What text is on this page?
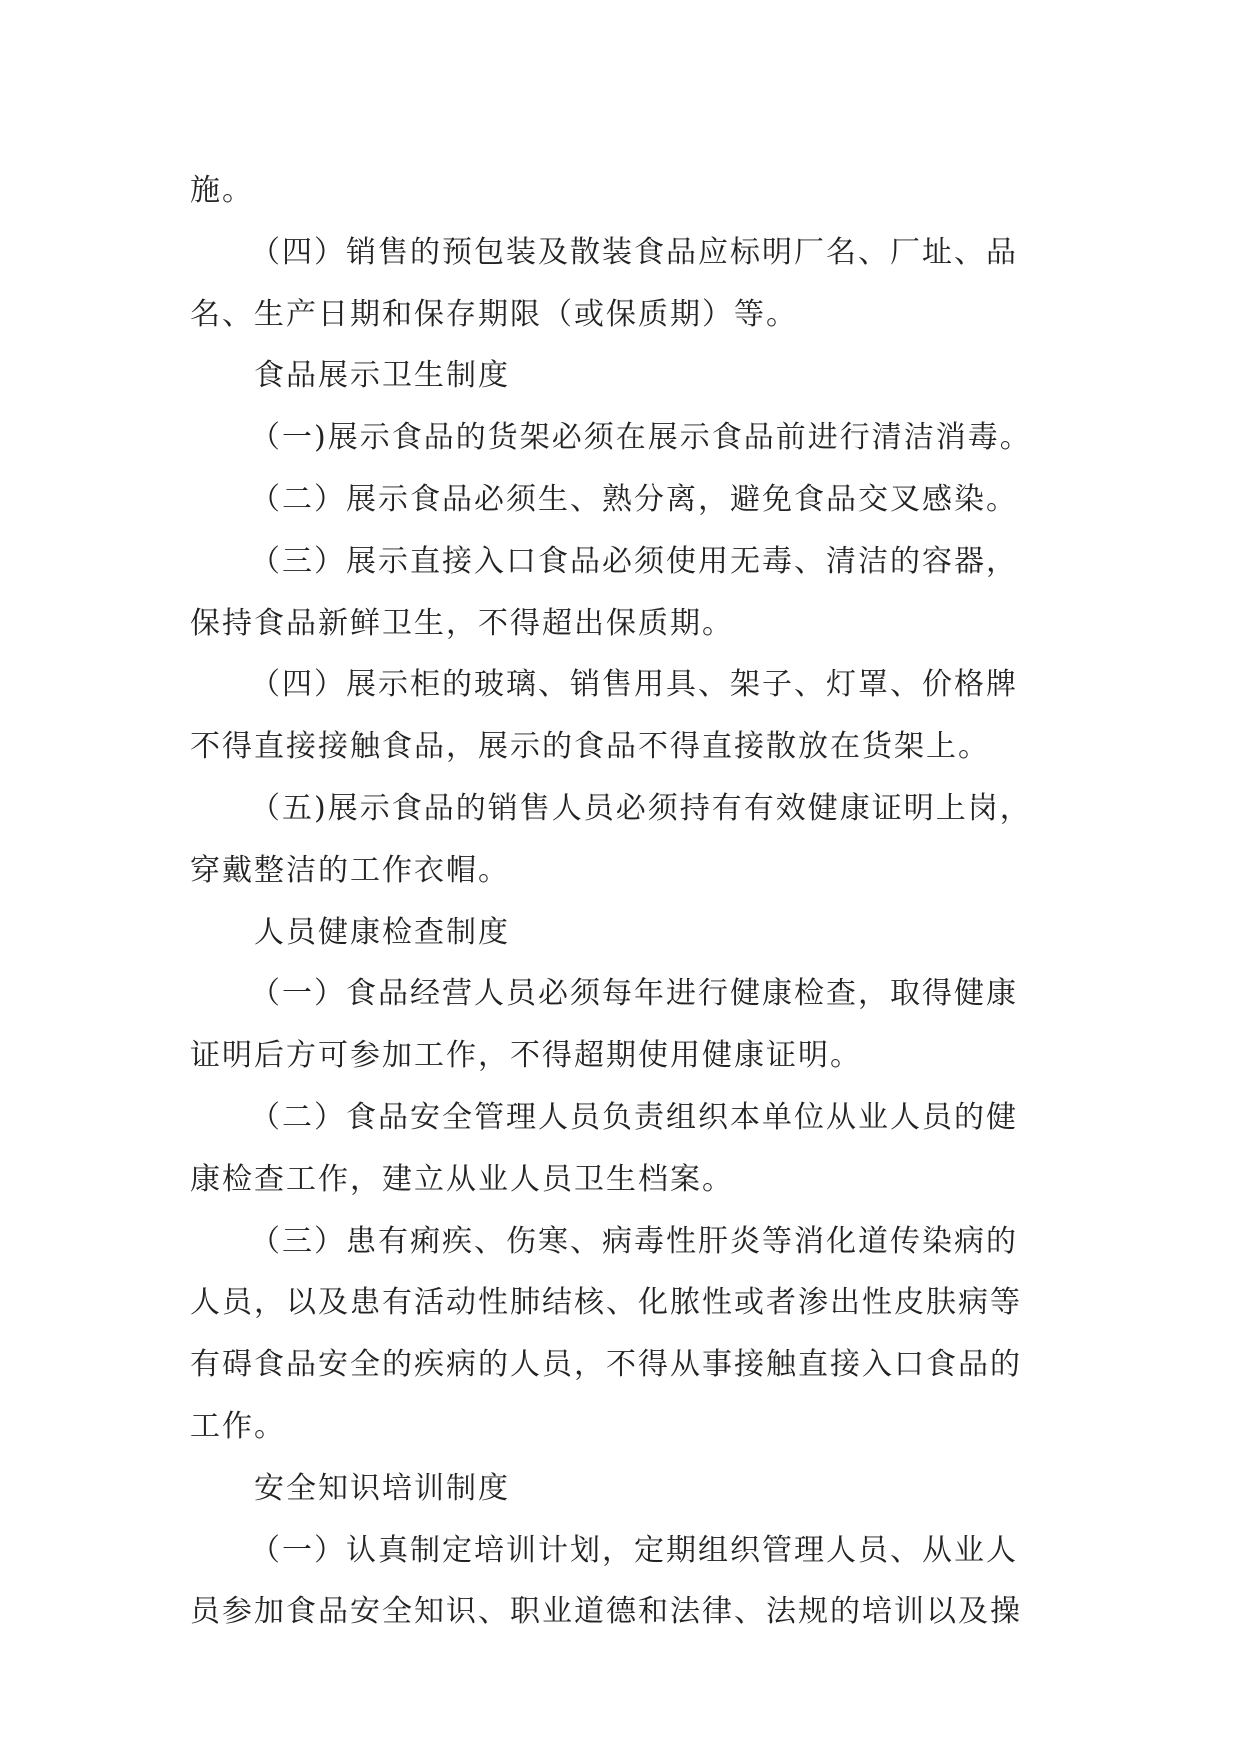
施。
（四）销售的预包装及散装食品应标明厂名、厂址、品
名、生产日期和保存期限（或保质期）等。
食品展示卫生制度
（一)展示食品的货架必须在展示食品前进行清洁消毒。
（二）展示食品必须生、熟分离，避免食品交叉感染。
（三）展示直接入口食品必须使用无毒、清洁的容器，
保持食品新鲜卫生，不得超出保质期。
（四）展示柜的玻璃、销售用具、架子、灯罩、价格牌
不得直接接触食品，展示的食品不得直接散放在货架上。
（五)展示食品的销售人员必须持有有效健康证明上岗，
穿戴整洁的工作衣帽。
人员健康检查制度
（一）食品经营人员必须每年进行健康检查，取得健康
证明后方可参加工作，不得超期使用健康证明。
（二）食品安全管理人员负责组织本单位从业人员的健
康检查工作，建立从业人员卫生档案。
（三）患有痢疾、伤寒、病毒性肝炎等消化道传染病的
人员，以及患有活动性肺结核、化脓性或者渗出性皮肤病等
有碍食品安全的疾病的人员，不得从事接触直接入口食品的
工作。
安全知识培训制度
（一）认真制定培训计划，定期组织管理人员、从业人
员参加食品安全知识、职业道德和法律、法规的培训以及操
